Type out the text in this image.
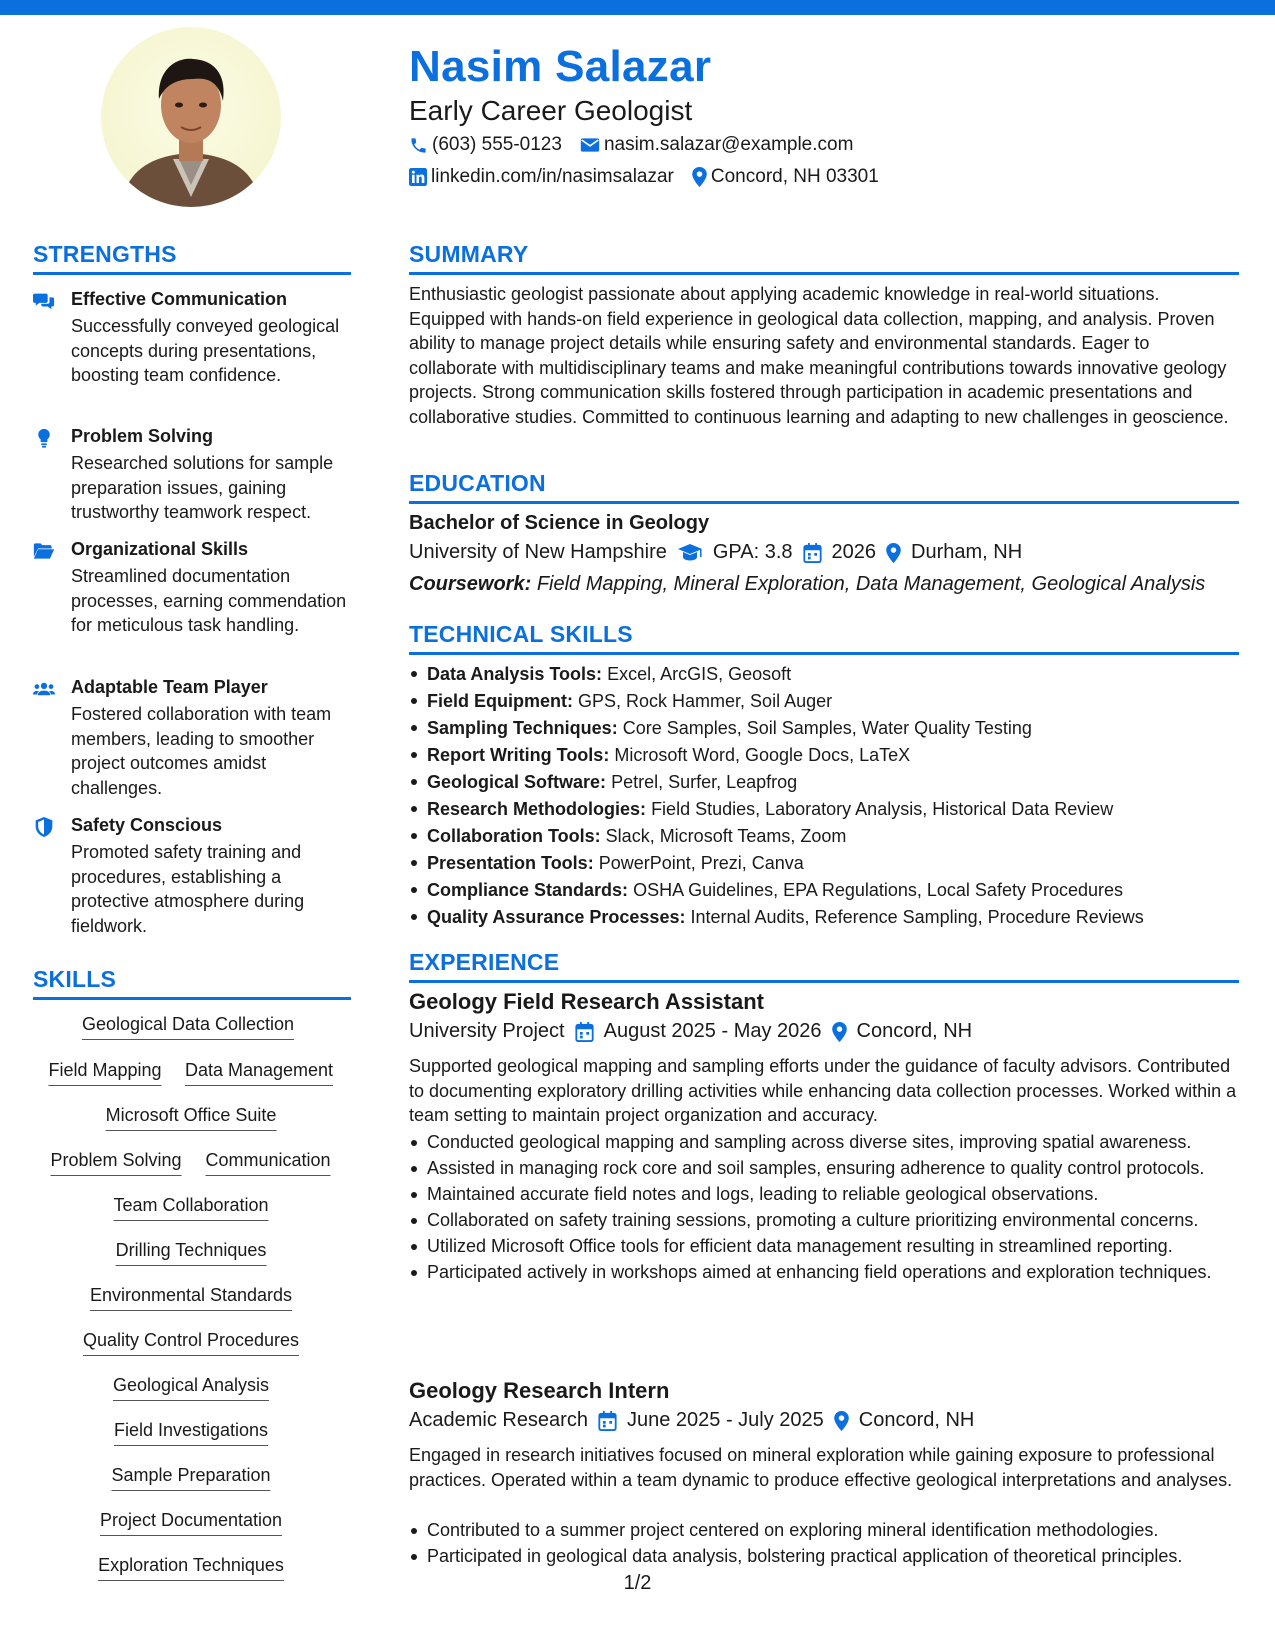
Nasim Salazar
Early Career Geologist
(603) 555-0123 nasim.salazar@example.com
linkedin.com/in/nasimsalazar Concord, NH 03301
STRENGTHS
Effective Communication
Successfully conveyed geological concepts during presentations, boosting team confidence.
Problem Solving
Researched solutions for sample preparation issues, gaining trustworthy teamwork respect.
Organizational Skills
Streamlined documentation processes, earning commendation for meticulous task handling.
Adaptable Team Player
Fostered collaboration with team members, leading to smoother project outcomes amidst challenges.
Safety Conscious
Promoted safety training and procedures, establishing a protective atmosphere during fieldwork.
SKILLS
Geological Data Collection
Field Mapping Data Management
Microsoft Office Suite
Problem Solving Communication
Team Collaboration
Drilling Techniques
Environmental Standards
Quality Control Procedures
Geological Analysis
Field Investigations
Sample Preparation
Project Documentation
Exploration Techniques
SUMMARY
Enthusiastic geologist passionate about applying academic knowledge in real-world situations. Equipped with hands-on field experience in geological data collection, mapping, and analysis. Proven ability to manage project details while ensuring safety and environmental standards. Eager to collaborate with multidisciplinary teams and make meaningful contributions towards innovative geology projects. Strong communication skills fostered through participation in academic presentations and collaborative studies. Committed to continuous learning and adapting to new challenges in geoscience.
EDUCATION
Bachelor of Science in Geology
University of New Hampshire GPA: 3.8 2026 Durham, NH
Coursework: Field Mapping, Mineral Exploration, Data Management, Geological Analysis
TECHNICAL SKILLS
Data Analysis Tools: Excel, ArcGIS, Geosoft
Field Equipment: GPS, Rock Hammer, Soil Auger
Sampling Techniques: Core Samples, Soil Samples, Water Quality Testing
Report Writing Tools: Microsoft Word, Google Docs, LaTeX
Geological Software: Petrel, Surfer, Leapfrog
Research Methodologies: Field Studies, Laboratory Analysis, Historical Data Review
Collaboration Tools: Slack, Microsoft Teams, Zoom
Presentation Tools: PowerPoint, Prezi, Canva
Compliance Standards: OSHA Guidelines, EPA Regulations, Local Safety Procedures
Quality Assurance Processes: Internal Audits, Reference Sampling, Procedure Reviews
EXPERIENCE
Geology Field Research Assistant
University Project August 2025 - May 2026 Concord, NH
Supported geological mapping and sampling efforts under the guidance of faculty advisors. Contributed to documenting exploratory drilling activities while enhancing data collection processes. Worked within a team setting to maintain project organization and accuracy.
Conducted geological mapping and sampling across diverse sites, improving spatial awareness.
Assisted in managing rock core and soil samples, ensuring adherence to quality control protocols.
Maintained accurate field notes and logs, leading to reliable geological observations.
Collaborated on safety training sessions, promoting a culture prioritizing environmental concerns.
Utilized Microsoft Office tools for efficient data management resulting in streamlined reporting.
Participated actively in workshops aimed at enhancing field operations and exploration techniques.
Geology Research Intern
Academic Research June 2025 - July 2025 Concord, NH
Engaged in research initiatives focused on mineral exploration while gaining exposure to professional practices. Operated within a team dynamic to produce effective geological interpretations and analyses.
Contributed to a summer project centered on exploring mineral identification methodologies.
Participated in geological data analysis, bolstering practical application of theoretical principles.
1/2
